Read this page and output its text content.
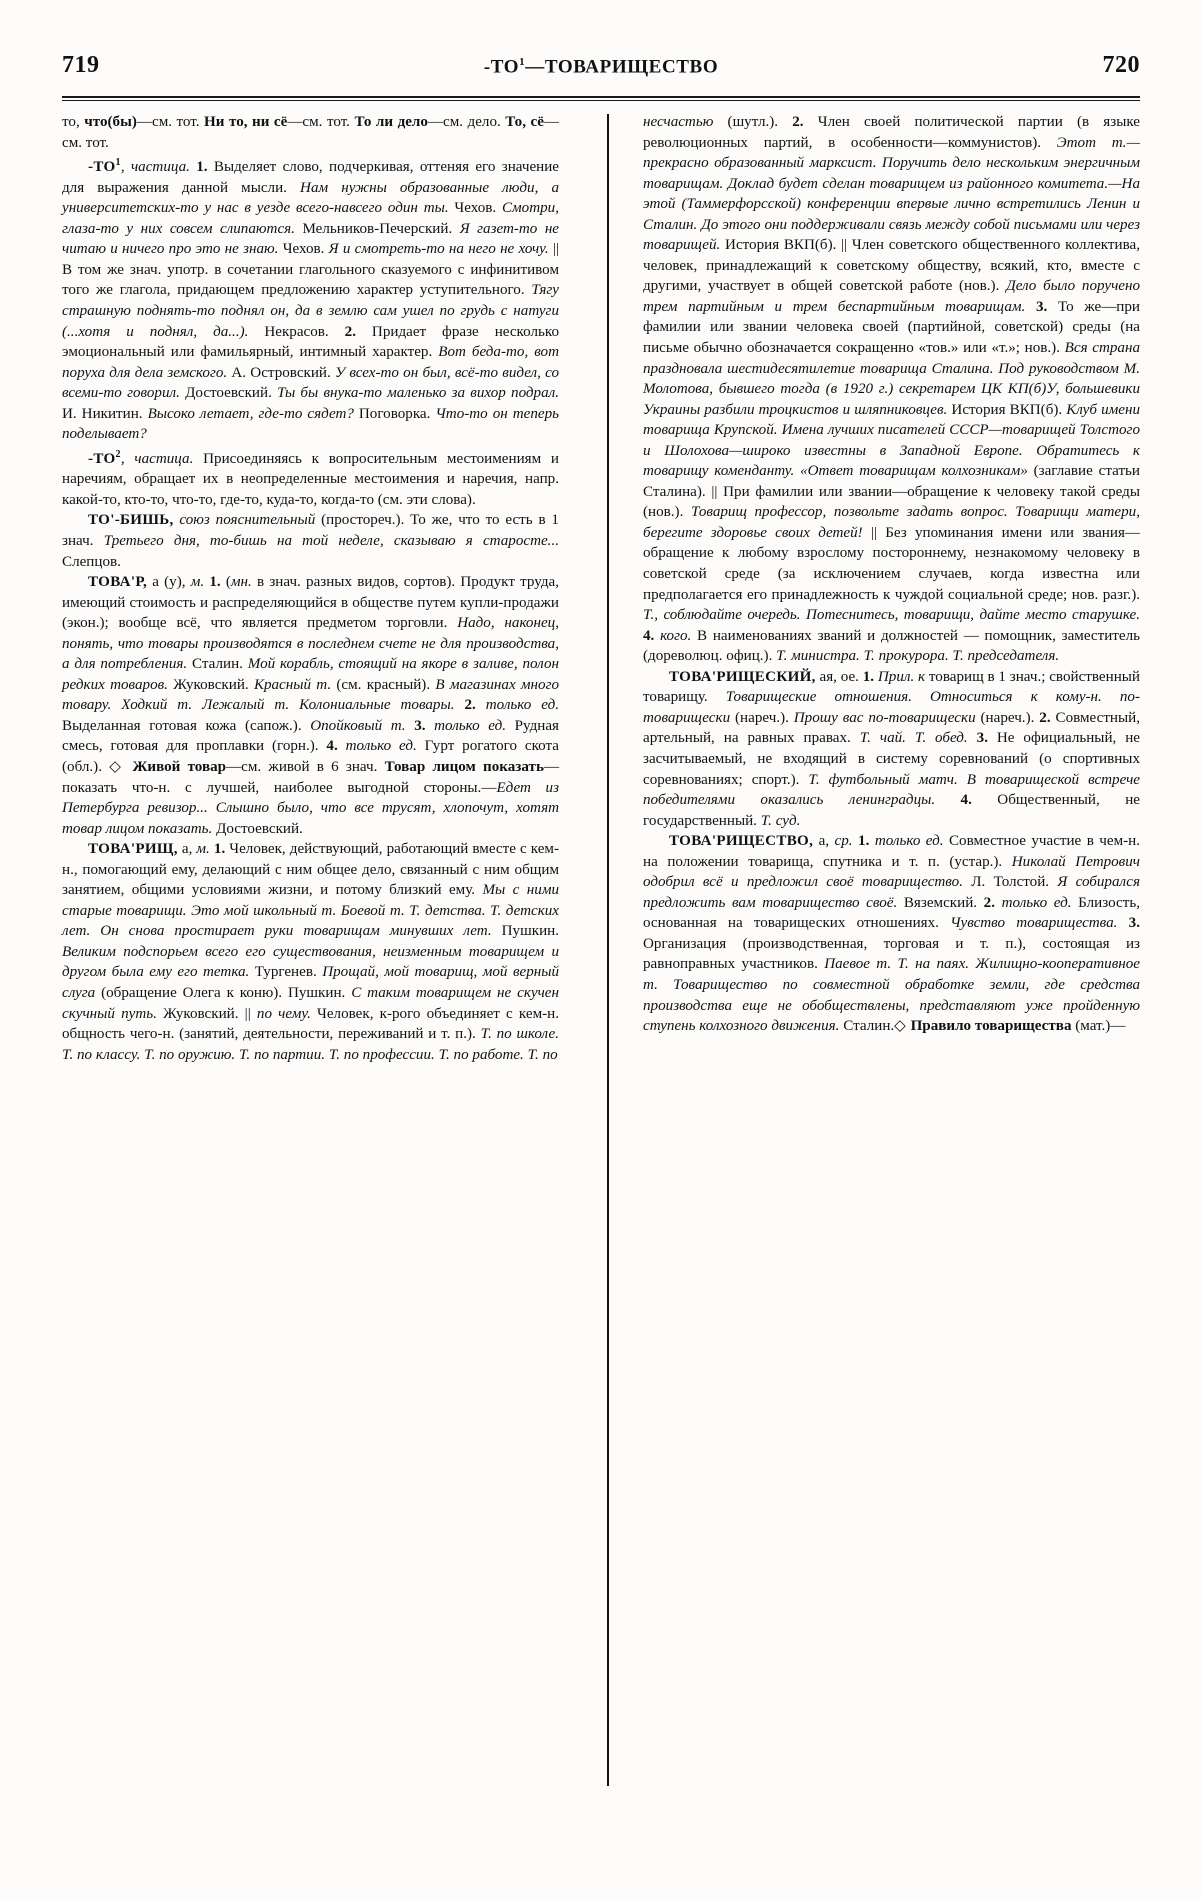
719	$-ТО^1—ТОВАРИЩЕСТВО$	720

то, что(бы)—см. тот. Ни то, ни сё—см. тот. То ли дело—см. дело. То, сё—см. тот.

$-ТО^1$, частица. 1. Выделяет слово, подчеркивая, оттеняя его значение для выражения данной мысли. Нам нужны образованные люди, а университетских-то у нас в уезде всего-навсего один ты. Чехов. Смотри, глаза-то у них совсем слипаются. Мельников-Печерский. Я газет-то не читаю и ничего про это не знаю. Чехов. Я и смотреть-то на него не хочу. || В том же знач. употр. в сочетании глагольного сказуемого с инфинитивом того же глагола, придающем предложению характер уступительного. Тягу страшную поднять-то поднял он, да в землю сам ушел по грудь с натуги (...хотя и поднял, да...). Некрасов. 2. Придает фразе несколько эмоциональный или фамильярный, интимный характер. Вот беда-то, вот поруха для дела земского. А. Островский. У всех-то он был, всё-то видел, со всеми-то говорил. Достоевский. Ты бы внука-то маленько за вихор подрал. И. Никитин. Высоко летает, где-то сядет? Поговорка. Что-то он теперь поделывает?

$-ТО^2$, частица. Присоединяясь к вопросительным местоимениям и наречиям, обращает их в неопределенные местоимения и наречия, напр. какой-то, кто-то, что-то, где-то, куда-то, когда-то (см. эти слова).

ТО'-БИШЬ, союз пояснительный (простореч.). То же, что то есть в 1 знач. Третьего дня, то-бишь на той неделе, сказываю я старосте... Слепцов.

ТОВА'Р, а (у), м. 1. (мн. в знач. разных видов, сортов). Продукт труда, имеющий стоимость и распределяющийся в обществе путем купли-продажи (экон.); вообще всё, что является предметом торговли. Надо, наконец, понять, что товары производятся в последнем счете не для производства, а для потребления. Сталин. Мой корабль, стоящий на якоре в заливе, полон редких товаров. Жуковский. Красный т. (см. красный). В магазинах много товару. Ходкий т. Лежалый т. Колониальные товары. 2. только ед. Выделанная готовая кожа (сапож.). Опойковый т. 3. только ед. Рудная смесь, готовая для проплавки (горн.). 4. только ед. Гурт рогатого скота (обл.). ◇ Живой товар—см. живой в 6 знач. Товар лицом показать—показать что-н. с лучшей, наиболее выгодной стороны.—Едет из Петербурга ревизор... Слышно было, что все трусят, хлопочут, хотят товар лицом показать. Достоевский.

ТОВА'РИЩ, а, м. 1. Человек, действующий, работающий вместе с кем-н., помогающий ему, делающий с ним общее дело, связанный с ним общим занятием, общими условиями жизни, и потому близкий ему. Мы с ними старые товарищи. Это мой школьный т. Боевой т. Т. детства. Т. детских лет. Он снова простирает руки товарищам минувших лет. Пушкин. Великим подспорьем всего его существования, неизменным товарищем и другом была ему его тетка. Тургенев. Прощай, мой товарищ, мой верный слуга (обращение Олега к коню). Пушкин. С таким товарищем не скучен скучный путь. Жуковский. || по чему. Человек, к-рого объединяет с кем-н. общность чего-н. (занятий, деятельности, переживаний и т. п.). Т. по школе. Т. по классу. Т. по оружию. Т. по партии. Т. по профессии. Т. по работе. Т. по

несчастью (шутл.). 2. Член своей политической партии (в языке революционных партий, в особенности—коммунистов). Этот т.—прекрасно образованный марксист. Поручить дело нескольким энергичным товарищам. Доклад будет сделан товарищем из районного комитета.—На этой (Таммерфорсской) конференции впервые лично встретились Ленин и Сталин. До этого они поддерживали связь между собой письмами или через товарищей. История ВКП(б). || Член советского общественного коллектива, человек, принадлежащий к советскому обществу, всякий, кто, вместе с другими, участвует в общей советской работе (нов.). Дело было поручено трем партийным и трем беспартийным товарищам. 3. То же—при фамилии или звании человека своей (партийной, советской) среды (на письме обычно обозначается сокращенно «тов.» или «т.»; нов.). Вся страна праздновала шестидесятилетие товарища Сталина. Под руководством М. Молотова, бывшего тогда (в 1920 г.) секретарем ЦК КП(б)У, большевики Украины разбили троцкистов и шляпниковцев. История ВКП(б). Клуб имени товарища Крупской. Имена лучших писателей СССР—товарищей Толстого и Шолохова—широко известны в Западной Европе. Обратитесь к товарищу коменданту. «Ответ товарищам колхозникам» (заглавие статьи Сталина). || При фамилии или звании—обращение к человеку такой среды (нов.). Товарищ профессор, позвольте задать вопрос. Товарищи матери, берегите здоровье своих детей! || Без упоминания имени или звания—обращение к любому взрослому постороннему, незнакомому человеку в советской среде (за исключением случаев, когда известна или предполагается его принадлежность к чуждой социальной среде; нов. разг.). Т., соблюдайте очередь. Потеснитесь, товарищи, дайте место старушке. 4. кого. В наименованиях званий и должностей — помощник, заместитель (дореволюц. офиц.). Т. министра. Т. прокурора. Т. председателя.

ТОВА'РИЩЕСКИЙ, ая, ое. 1. Прил. к товарищ в 1 знач.; свойственный товарищу. Товарищеские отношения. Относиться к кому-н. по-товарищески (нареч.). Прошу вас по-товарищески (нареч.). 2. Совместный, артельный, на равных правах. Т. чай. Т. обед. 3. Не официальный, не засчитываемый, не входящий в систему соревнований (о спортивных соревнованиях; спорт.). Т. футбольный матч. В товарищеской встрече победителями оказались ленинградцы. 4. Общественный, не государственный. Т. суд.

ТОВА'РИЩЕСТВО, а, ср. 1. только ед. Совместное участие в чем-н. на положении товарища, спутника и т. п. (устар.). Николай Петрович одобрил всё и предложил своё товарищество. Л. Толстой. Я собирался предложить вам товарищество своё. Вяземский. 2. только ед. Близость, основанная на товарищеских отношениях. Чувство товарищества. 3. Организация (производственная, торговая и т. п.), состоящая из равноправных участников. Паевое т. Т. на паях. Жилищно-кооперативное т. Товарищество по совместной обработке земли, где средства производства еще не обобществлены, представляют уже пройденную ступень колхозного движения. Сталин.◇ Правило товарищества (мат.)—
